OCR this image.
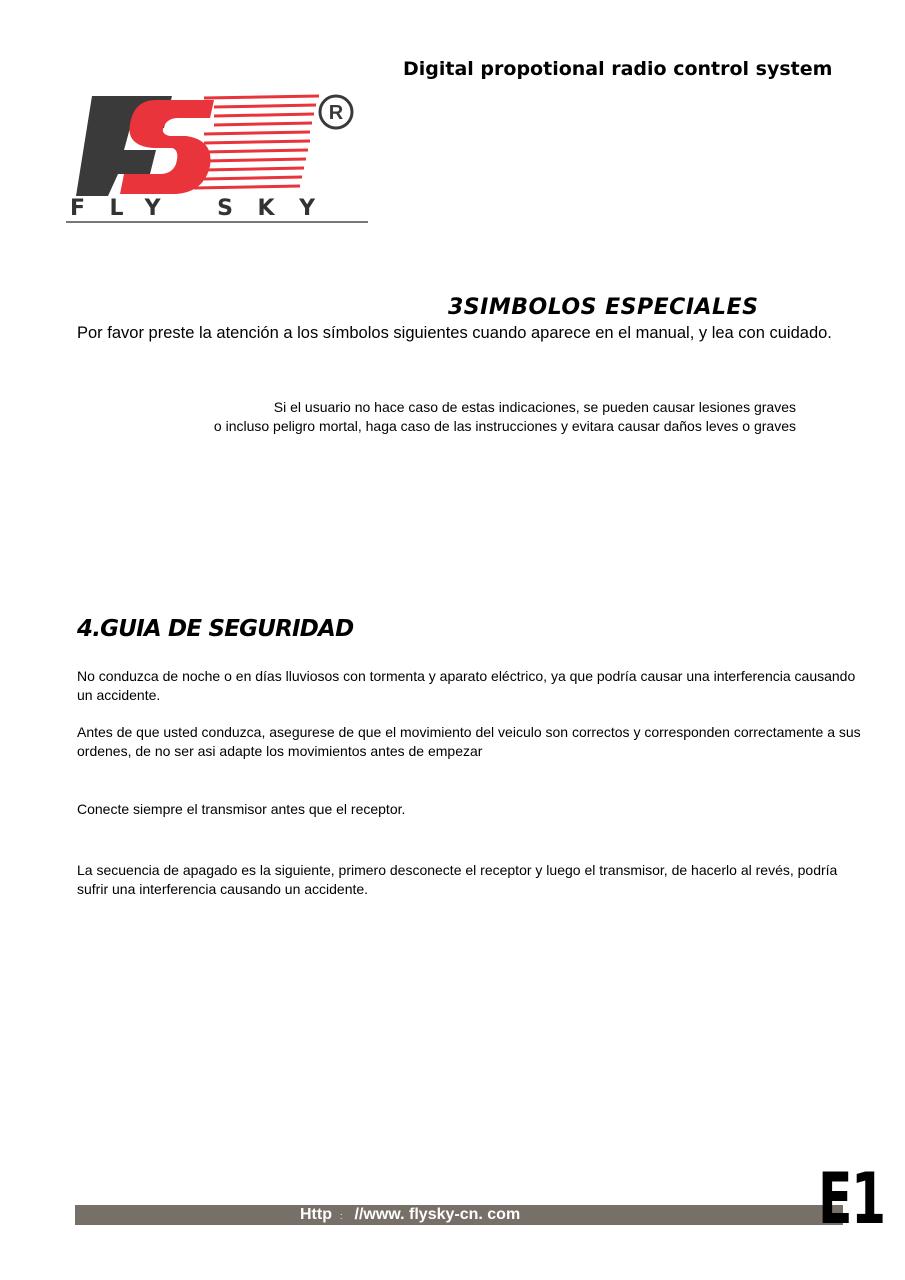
Digital propotional radio control system
R
FLY SKY
3SIMBOLOS ESPECIALES
Por favor preste la atención a los símbolos siguientes cuando aparece en el manual, y lea con cuidado.
Si el usuario no hace caso de estas indicaciones, se pueden causar lesiones graves
o incluso peligro mortal, haga caso de las instrucciones y evitara causar daños leves o graves
4.GUIA DE SEGURIDAD
No conduzca de noche o en días lluviosos con tormenta y aparato eléctrico, ya que podría causar una interferencia causando un accidente.
Antes de que usted conduzca, asegurese de que el movimiento del veiculo son correctos y corresponden correctamente a sus ordenes, de no ser asi adapte los movimientos antes de empezar
Conecte siempre el transmisor antes que el receptor.
La secuencia de apagado es la siguiente, primero desconecte el receptor y luego el transmisor, de hacerlo al revés, podría sufrir una interferencia causando un accidente.
Http : //www. flysky-cn. com	E1
